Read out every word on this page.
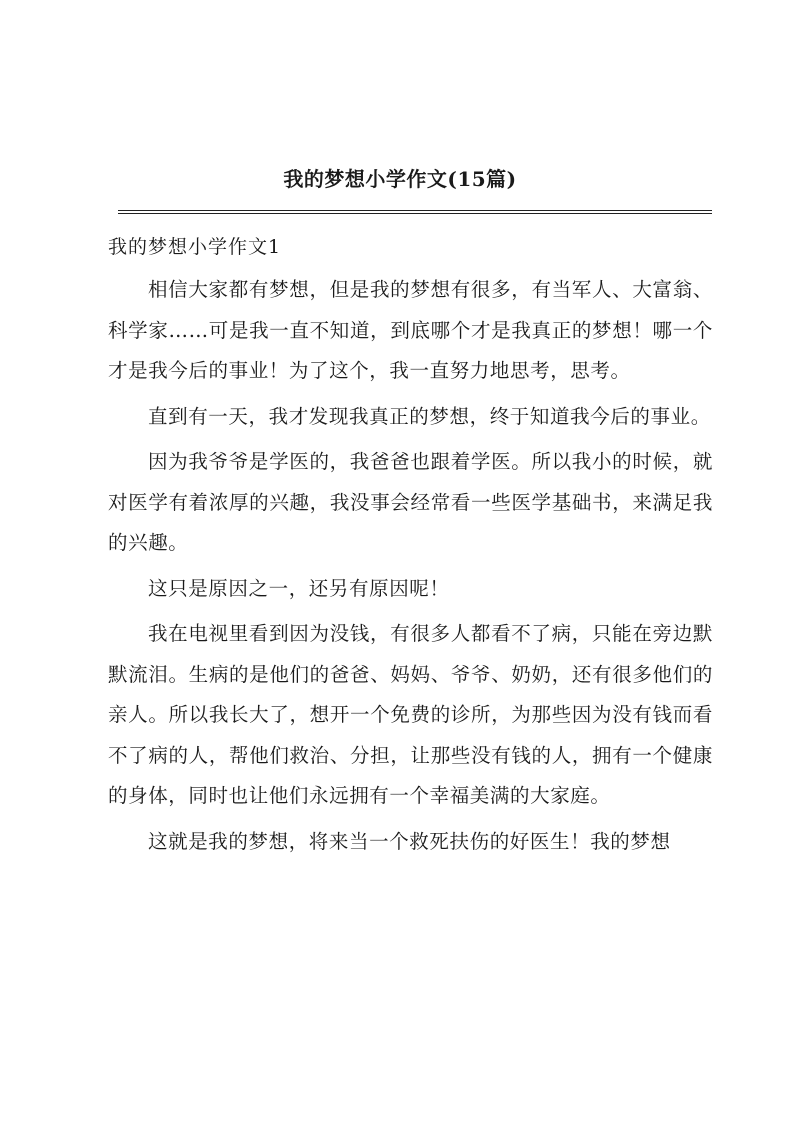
我的梦想小学作文(15篇)
我的梦想小学作文1

相信大家都有梦想，但是我的梦想有很多，有当军人、大富翁、科学家……可是我一直不知道，到底哪个才是我真正的梦想！哪一个才是我今后的事业！为了这个，我一直努力地思考，思考。

直到有一天，我才发现我真正的梦想，终于知道我今后的事业。

因为我爷爷是学医的，我爸爸也跟着学医。所以我小的时候，就对医学有着浓厚的兴趣，我没事会经常看一些医学基础书，来满足我的兴趣。

这只是原因之一，还另有原因呢！

我在电视里看到因为没钱，有很多人都看不了病，只能在旁边默默流泪。生病的是他们的爸爸、妈妈、爷爷、奶奶，还有很多他们的亲人。所以我长大了，想开一个免费的诊所，为那些因为没有钱而看不了病的人，帮他们救治、分担，让那些没有钱的人，拥有一个健康的身体，同时也让他们永远拥有一个幸福美满的大家庭。

这就是我的梦想，将来当一个救死扶伤的好医生！我的梦想
